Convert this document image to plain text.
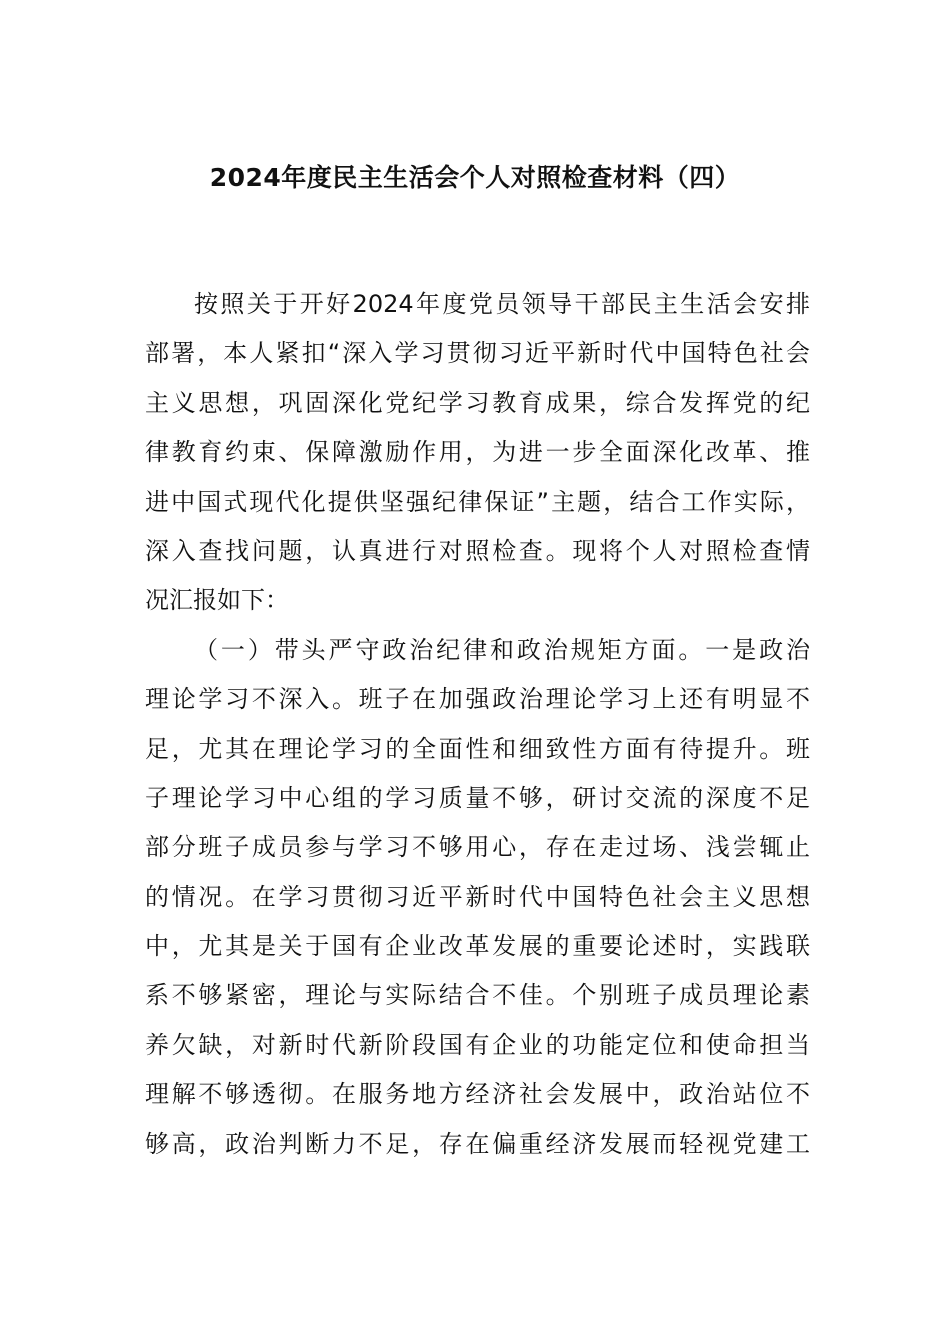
2024年度民主生活会个人对照检查材料（四）
按照关于开好2024年度党员领导干部民主生活会安排
部署，本人紧扣“深入学习贯彻习近平新时代中国特色社会
主义思想，巩固深化党纪学习教育成果，综合发挥党的纪
律教育约束、保障激励作用，为进一步全面深化改革、推
进中国式现代化提供坚强纪律保证”主题，结合工作实际，
深入查找问题，认真进行对照检查。现将个人对照检查情
况汇报如下：
（一）带头严守政治纪律和政治规矩方面。一是政治
理论学习不深入。班子在加强政治理论学习上还有明显不
足，尤其在理论学习的全面性和细致性方面有待提升。班
子理论学习中心组的学习质量不够，研讨交流的深度不足
部分班子成员参与学习不够用心，存在走过场、浅尝辄止
的情况。在学习贯彻习近平新时代中国特色社会主义思想
中，尤其是关于国有企业改革发展的重要论述时，实践联
系不够紧密，理论与实际结合不佳。个别班子成员理论素
养欠缺，对新时代新阶段国有企业的功能定位和使命担当
理解不够透彻。在服务地方经济社会发展中，政治站位不
够高，政治判断力不足，存在偏重经济发展而轻视党建工
